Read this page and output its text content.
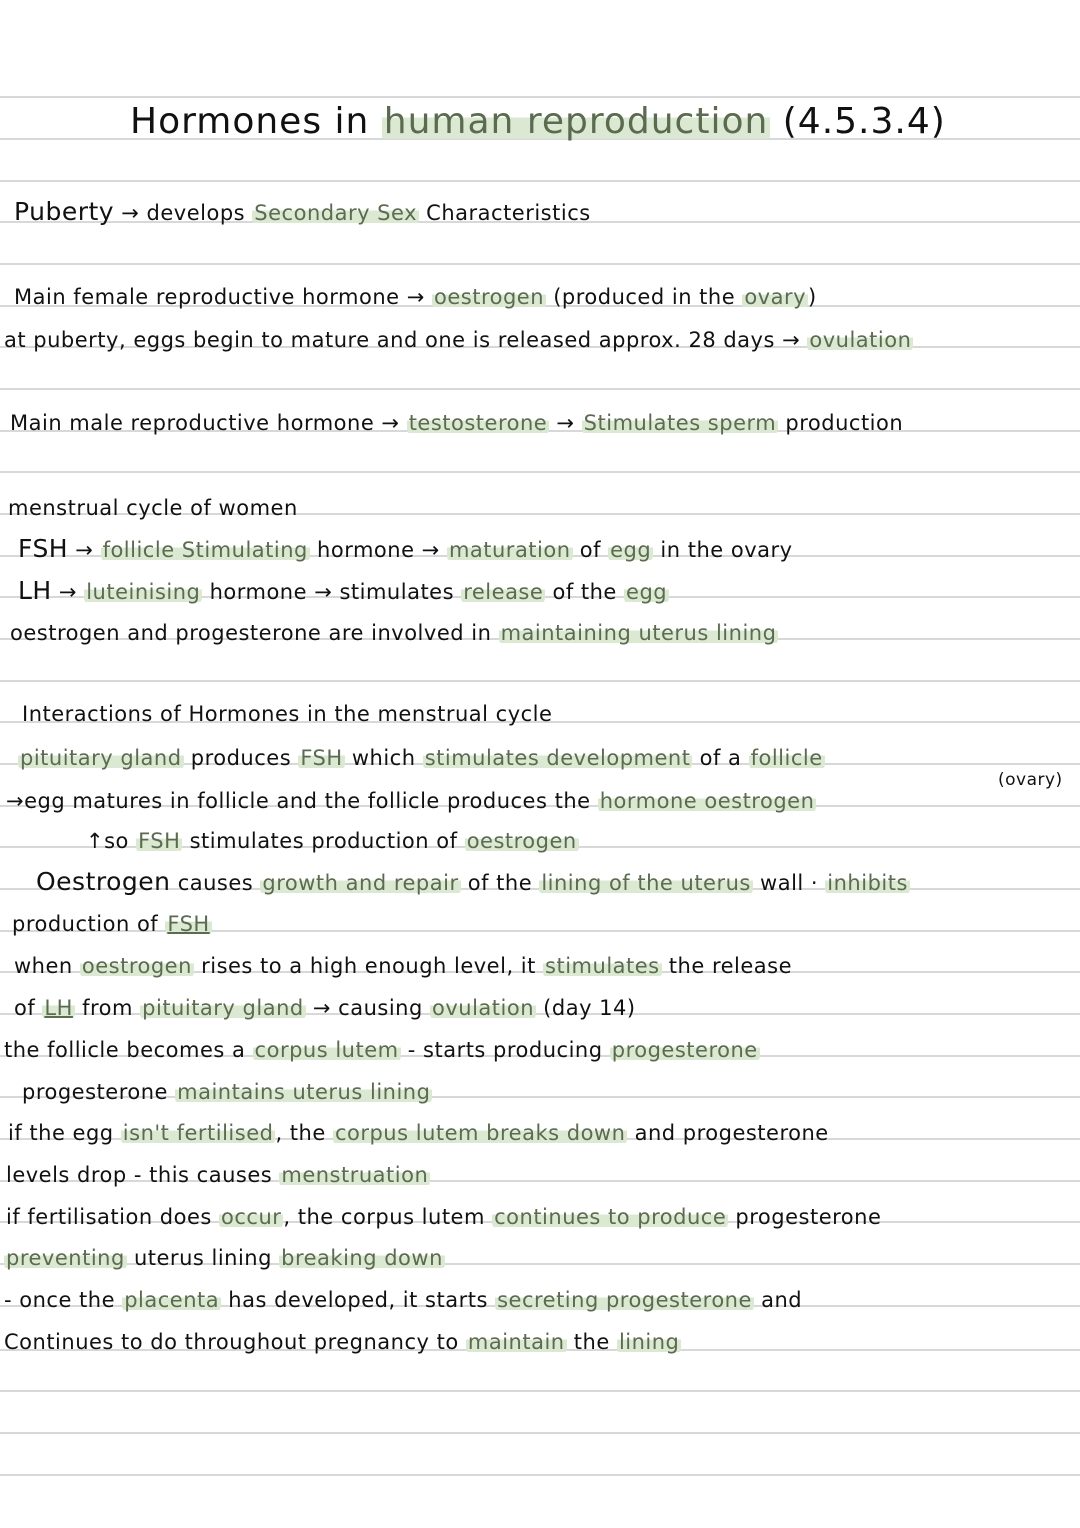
Hormones in human reproduction (4.5.3.4)
Puberty → develops Secondary Sex Characteristics
Main female reproductive hormone → oestrogen (produced in the ovary)
at puberty, eggs begin to mature and one is released approx. 28 days → ovulation
Main male reproductive hormone → testosterone → Stimulates sperm production
menstrual cycle of women
FSH → follicle Stimulating hormone → maturation of egg in the ovary
LH → luteinising hormone → stimulates release of the egg
oestrogen and progesterone are involved in maintaining uterus lining
Interactions of Hormones in the menstrual cycle
pituitary gland produces FSH which stimulates development of a follicle
(ovary)
→egg matures in follicle and the follicle produces the hormone oestrogen
↑so FSH stimulates production of oestrogen
Oestrogen causes growth and repair of the lining of the uterus wall · inhibits
production of FSH
when oestrogen rises to a high enough level, it stimulates the release
of LH from pituitary gland → causing ovulation (day 14)
the follicle becomes a corpus lutem - starts producing progesterone
progesterone maintains uterus lining
if the egg isn't fertilised, the corpus lutem breaks down and progesterone
levels drop - this causes menstruation
if fertilisation does occur, the corpus lutem continues to produce progesterone
preventing uterus lining breaking down
- once the placenta has developed, it starts secreting progesterone and
Continues to do throughout pregnancy to maintain the lining
